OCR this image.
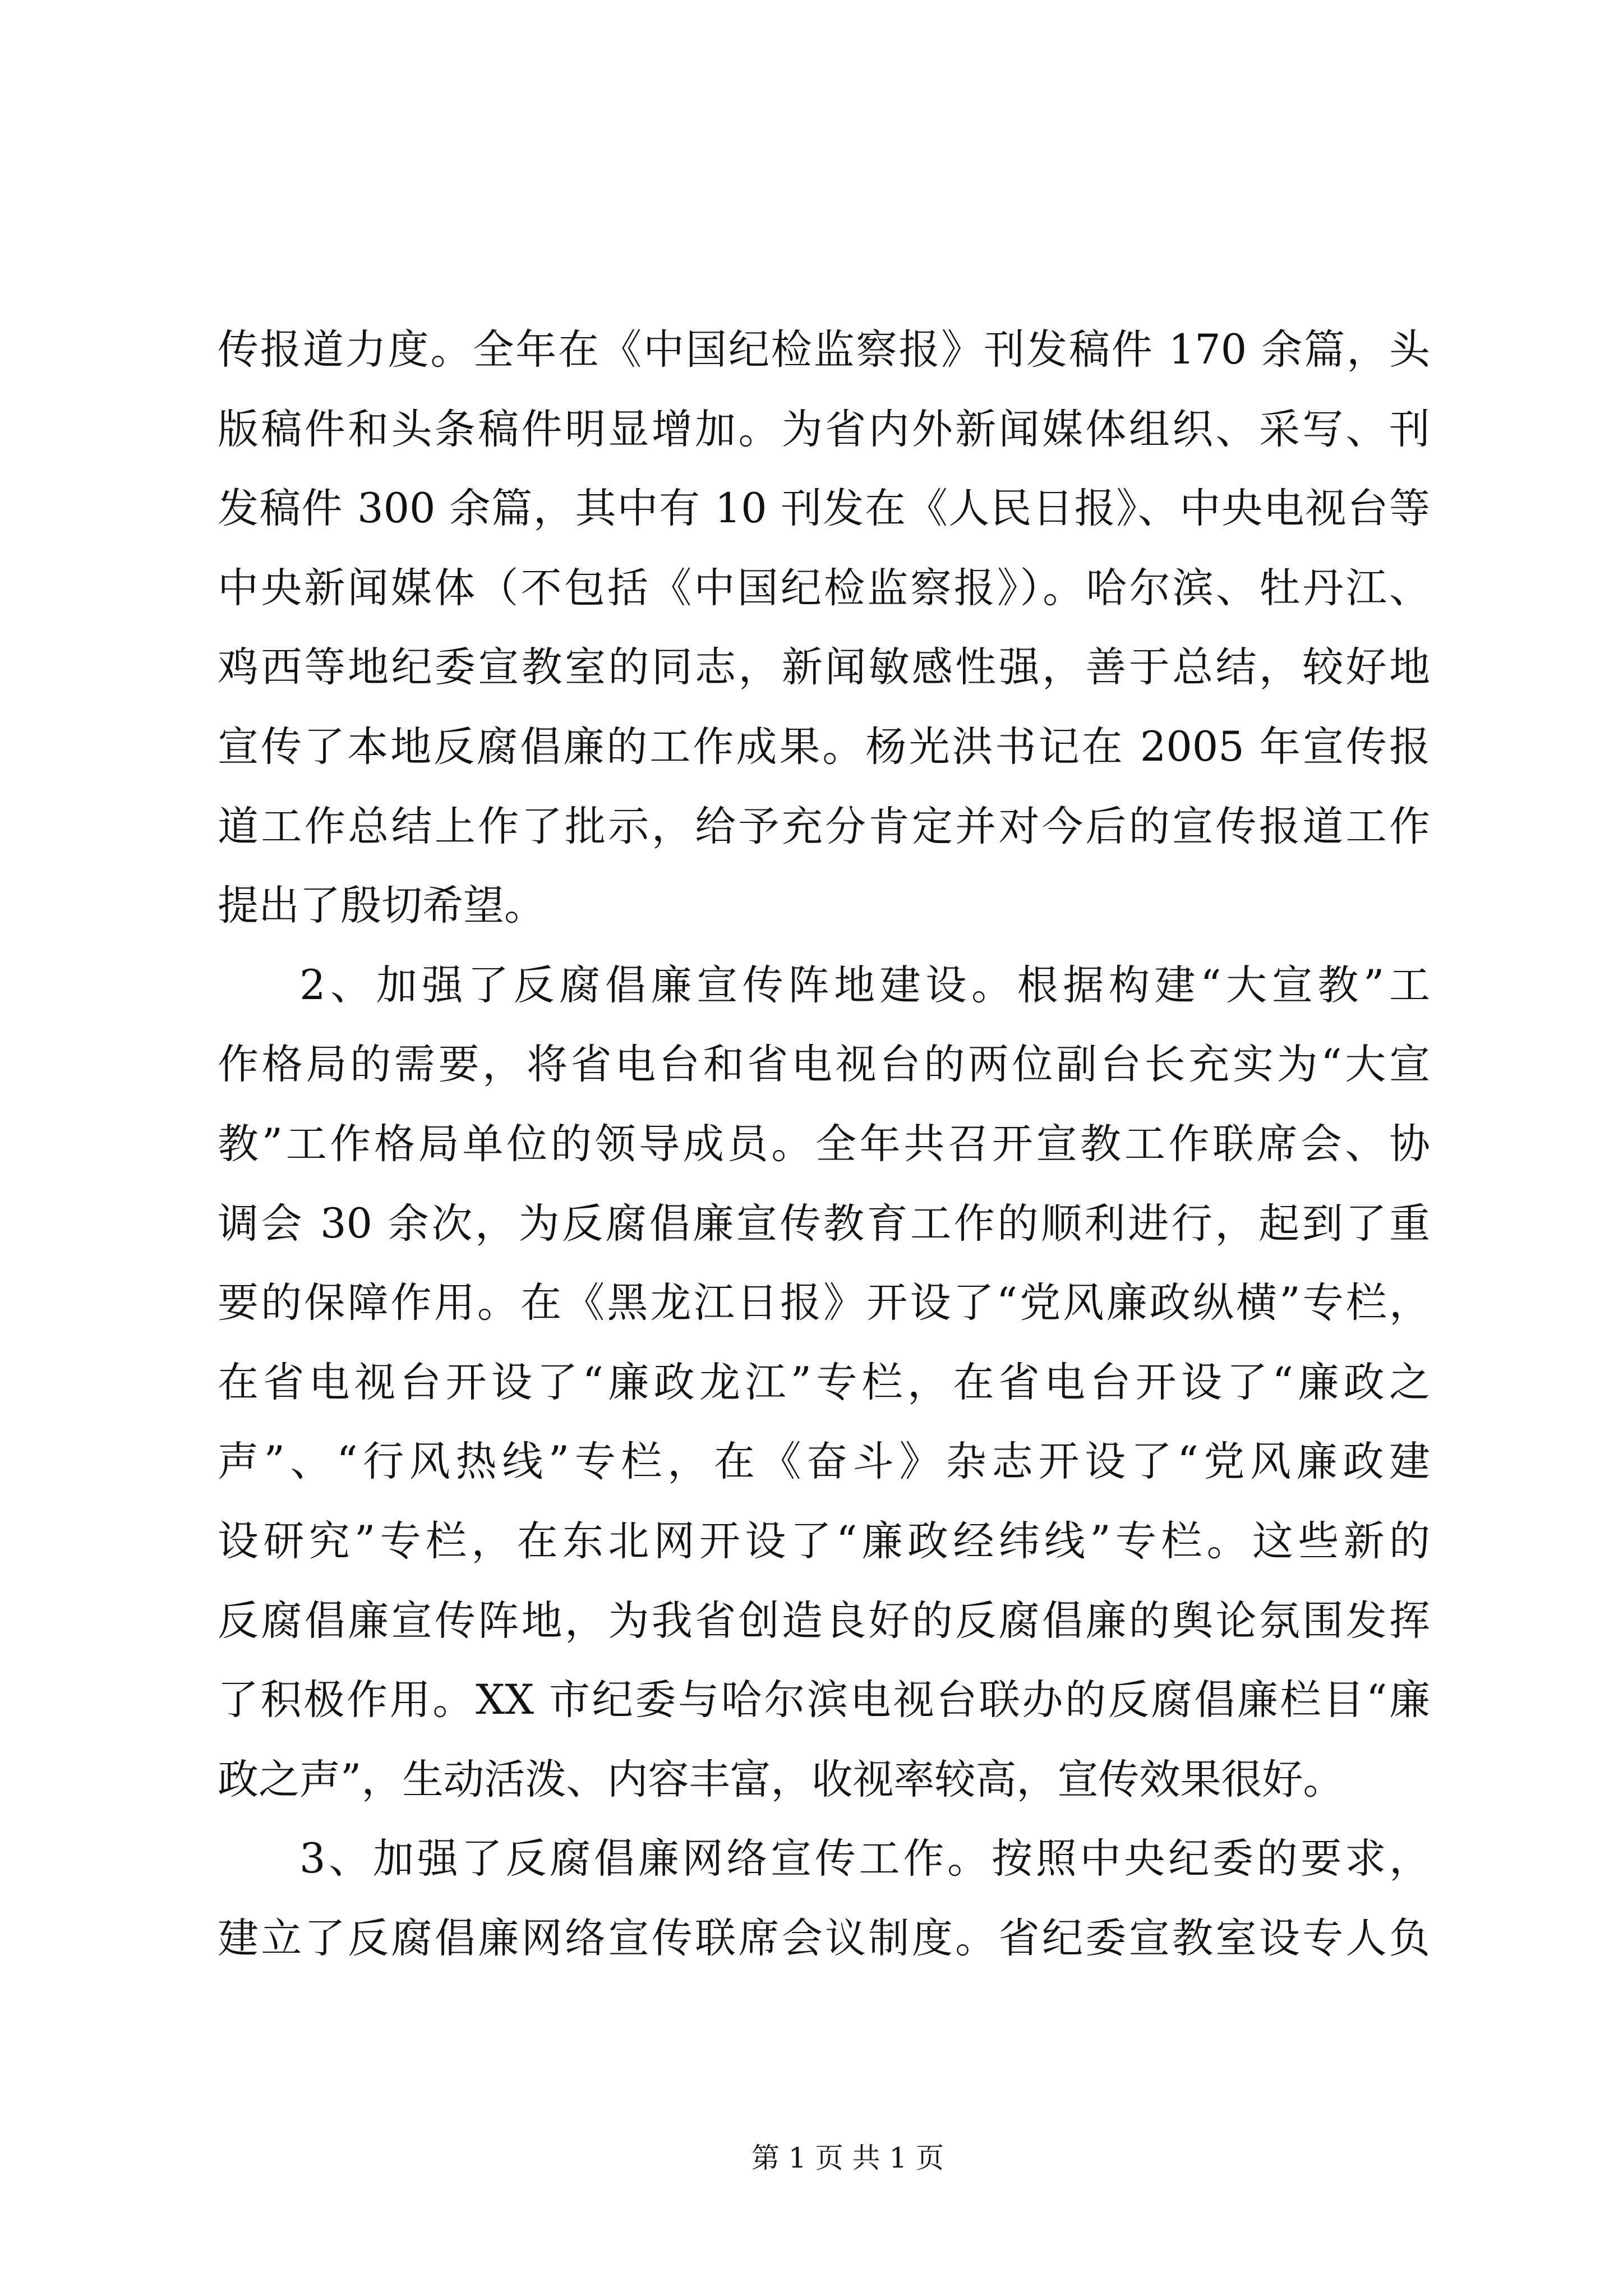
传报道力度。全年在《中国纪检监察报》刊发稿件 170 余篇，头
版稿件和头条稿件明显增加。为省内外新闻媒体组织、采写、刊
发稿件 300 余篇，其中有 10 刊发在《人民日报》、中央电视台等
中央新闻媒体（不包括《中国纪检监察报》）。哈尔滨、牡丹江、
鸡西等地纪委宣教室的同志，新闻敏感性强，善于总结，较好地
宣传了本地反腐倡廉的工作成果。杨光洪书记在 2005 年宣传报
道工作总结上作了批示，给予充分肯定并对今后的宣传报道工作
提出了殷切希望。
2、加强了反腐倡廉宣传阵地建设。根据构建“大宣教”工
作格局的需要，将省电台和省电视台的两位副台长充实为“大宣
教”工作格局单位的领导成员。全年共召开宣教工作联席会、协
调会 30 余次，为反腐倡廉宣传教育工作的顺利进行，起到了重
要的保障作用。在《黑龙江日报》开设了“党风廉政纵横”专栏，
在省电视台开设了“廉政龙江”专栏，在省电台开设了“廉政之
声”、“行风热线”专栏，在《奋斗》杂志开设了“党风廉政建
设研究”专栏，在东北网开设了“廉政经纬线”专栏。这些新的
反腐倡廉宣传阵地，为我省创造良好的反腐倡廉的舆论氛围发挥
了积极作用。XX 市纪委与哈尔滨电视台联办的反腐倡廉栏目“廉
政之声”，生动活泼、内容丰富，收视率较高，宣传效果很好。
3、加强了反腐倡廉网络宣传工作。按照中央纪委的要求，
建立了反腐倡廉网络宣传联席会议制度。省纪委宣教室设专人负
第 1 页 共 1 页
